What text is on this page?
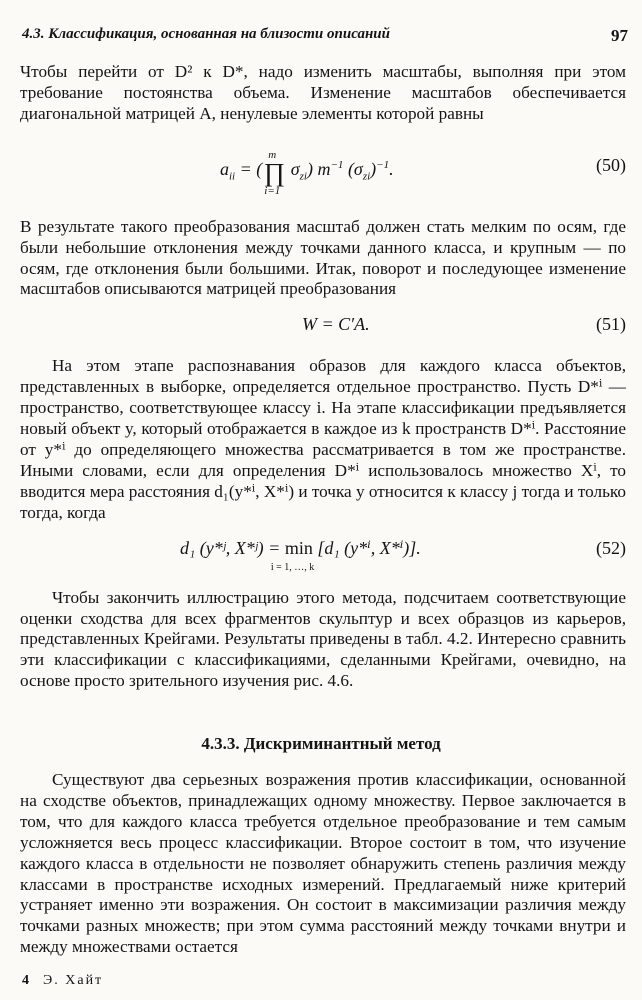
4.3. Классификация, основанная на близости описаний	97

Чтобы перейти от D² к D*, надо изменить масштабы, выполняя при этом требование постоянства объема. Изменение масштабов обеспечивается диагональной матрицей A, ненулевые элементы которой равны

$a_{ii}$ = (∏
m
i=1
$\sigma_{zi}$) $m^{-1}$ $(\sigma_{zi})^{-1}$.	(50)

В результате такого преобразования масштаб должен стать мелким по осям, где были небольшие отклонения между точками данного класса, и крупным — по осям, где отклонения были большими. Итак, поворот и последующее изменение масштабов описываются матрицей преобразования

W = C′A.	(51)

На этом этапе распознавания образов для каждого класса объектов, представленных в выборке, определяется отдельное пространство. Пусть D*ⁱ — пространство, соответствующее классу i. На этапе классификации предъявляется новый объект y, который отображается в каждое из k пространств D*ⁱ. Расстояние от y*ⁱ до определяющего множества рассматривается в том же пространстве. Иными словами, если для определения D*ⁱ использовалось множество Xⁱ, то вводится мера расстояния d₁(y*ⁱ, X*ⁱ) и точка y относится к классу j тогда и только тогда, когда

d₁ (y*ʲ, X*ʲ) = min
i = 1, …, k
[d₁ (y*ⁱ, X*ⁱ)].	(52)

Чтобы закончить иллюстрацию этого метода, подсчитаем соответствующие оценки сходства для всех фрагментов скульптур и всех образцов из карьеров, представленных Крейгами. Результаты приведены в табл. 4.2. Интересно сравнить эти классификации с классификациями, сделанными Крейгами, очевидно, на основе просто зрительного изучения рис. 4.6.

4.3.3. Дискриминантный метод

Существуют два серьезных возражения против классификации, основанной на сходстве объектов, принадлежащих одному множеству. Первое заключается в том, что для каждого класса требуется отдельное преобразование и тем самым усложняется весь процесс классификации. Второе состоит в том, что изучение каждого класса в отдельности не позволяет обнаружить степень различия между классами в пространстве исходных измерений. Предлагаемый ниже критерий устраняет именно эти возражения. Он состоит в максимизации различия между точками разных множеств; при этом сумма расстояний между точками внутри и между множествами остается

4 Э. Хайт
